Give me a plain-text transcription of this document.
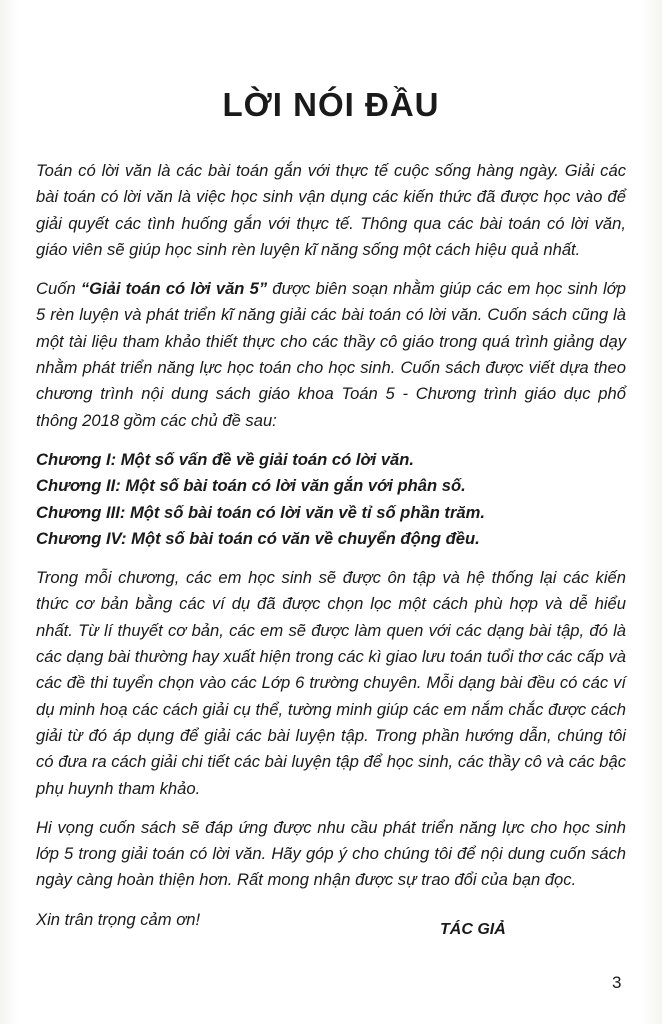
LỜI NÓI ĐẦU

Toán có lời văn là các bài toán gắn với thực tế cuộc sống hàng ngày. Giải các bài toán có lời văn là việc học sinh vận dụng các kiến thức đã được học vào để giải quyết các tình huống gắn với thực tế. Thông qua các bài toán có lời văn, giáo viên sẽ giúp học sinh rèn luyện kĩ năng sống một cách hiệu quả nhất.

Cuốn “Giải toán có lời văn 5” được biên soạn nhằm giúp các em học sinh lớp 5 rèn luyện và phát triển kĩ năng giải các bài toán có lời văn. Cuốn sách cũng là một tài liệu tham khảo thiết thực cho các thầy cô giáo trong quá trình giảng dạy nhằm phát triển năng lực học toán cho học sinh. Cuốn sách được viết dựa theo chương trình nội dung sách giáo khoa Toán 5 - Chương trình giáo dục phổ thông 2018 gồm các chủ đề sau:

Chương I: Một số vấn đề về giải toán có lời văn.

Chương II: Một số bài toán có lời văn gắn với phân số.

Chương III: Một số bài toán có lời văn về tỉ số phần trăm.

Chương IV: Một số bài toán có văn về chuyển động đều.

Trong mỗi chương, các em học sinh sẽ được ôn tập và hệ thống lại các kiến thức cơ bản bằng các ví dụ đã được chọn lọc một cách phù hợp và dễ hiểu nhất. Từ lí thuyết cơ bản, các em sẽ được làm quen với các dạng bài tập, đó là các dạng bài thường hay xuất hiện trong các kì giao lưu toán tuổi thơ các cấp và các đề thi tuyển chọn vào các Lớp 6 trường chuyên. Mỗi dạng bài đều có các ví dụ minh hoạ các cách giải cụ thể, tường minh giúp các em nắm chắc được cách giải từ đó áp dụng để giải các bài luyện tập. Trong phần hướng dẫn, chúng tôi có đưa ra cách giải chi tiết các bài luyện tập để học sinh, các thầy cô và các bậc phụ huynh tham khảo.

Hi vọng cuốn sách sẽ đáp ứng được nhu cầu phát triển năng lực cho học sinh lớp 5 trong giải toán có lời văn. Hãy góp ý cho chúng tôi để nội dung cuốn sách ngày càng hoàn thiện hơn. Rất mong nhận được sự trao đổi của bạn đọc.

Xin trân trọng cảm ơn!

TÁC GIẢ
3
